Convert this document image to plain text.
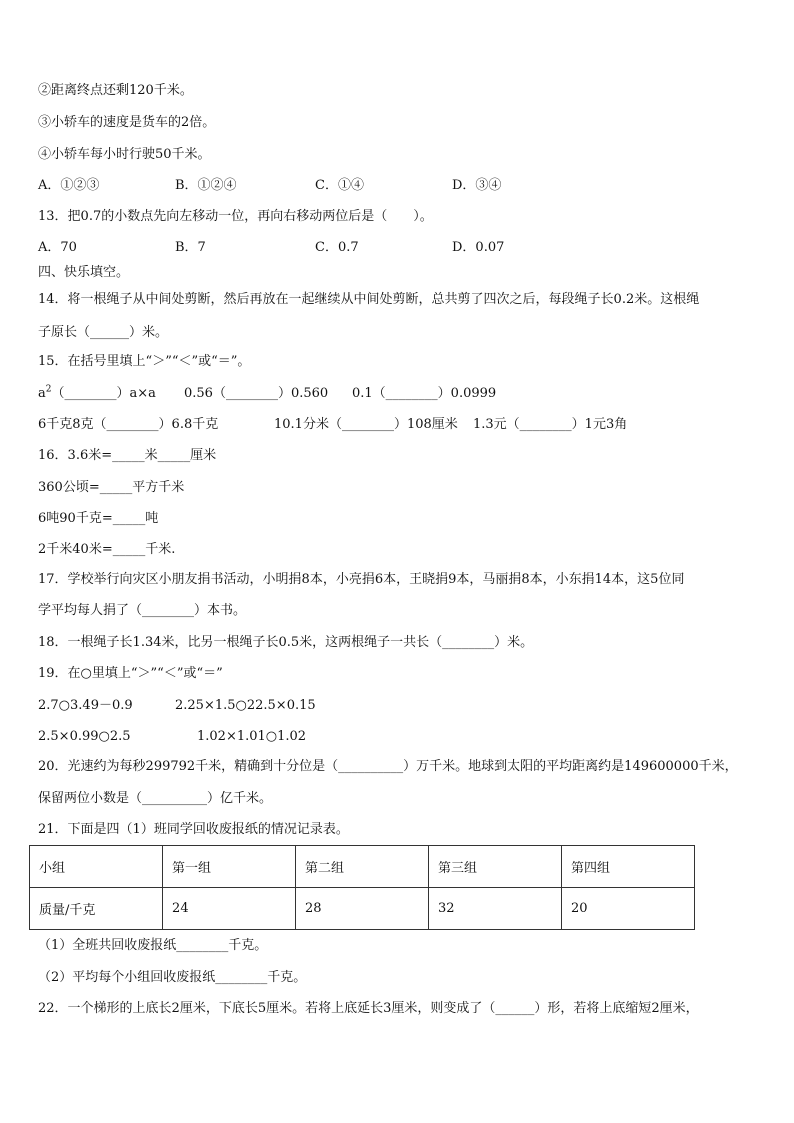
②距离终点还剩120千米。
③小轿车的速度是货车的2倍。
④小轿车每小时行驶50千米。
A．①②③	B．①②④	C．①④	D．③④
13．把0.7的小数点先向左移动一位，再向右移动两位后是（　　）。
A．70	B．7	C．0.7	D．0.07
四、快乐填空。
14．将一根绳子从中间处剪断，然后再放在一起继续从中间处剪断，总共剪了四次之后，每段绳子长0.2米。这根绳
子原长（______）米。
15．在括号里填上“＞”“＜”或“＝”。
$a^2(\_\_\_\_\_\_\_\_)a\times a$ 0.56（________）0.560 0.1（________）0.0999
6千克8克（________）6.8千克	10.1分米（________）108厘米 1.3元（________）1元3角
16．3.6米=_____米_____厘米
360公顷=_____平方千米
6吨90千克=_____吨
2千米40米=_____千米.
17．学校举行向灾区小朋友捐书活动，小明捐8本，小亮捐6本，王晓捐9本，马丽捐8本，小东捐14本，这5位同
学平均每人捐了（________）本书。
18．一根绳子长1.34米，比另一根绳子长0.5米，这两根绳子一共长（________）米。
19．在○里填上“＞”“＜”或“＝”
2.7○3.49－0.9	2.25×1.5○22.5×0.15
2.5×0.99○2.5	1.02×1.01○1.02
20．光速约为每秒299792千米，精确到十分位是（__________）万千米。地球到太阳的平均距离约是149600000千米，
保留两位小数是（__________）亿千米。
21．下面是四（1）班同学回收废报纸的情况记录表。
小组	第一组	第二组	第三组	第四组
质量/千克	24	28	32	20
（1）全班共回收废报纸________千克。
（2）平均每个小组回收废报纸________千克。
22．一个梯形的上底长2厘米，下底长5厘米。若将上底延长3厘米，则变成了（______）形，若将上底缩短2厘米，
